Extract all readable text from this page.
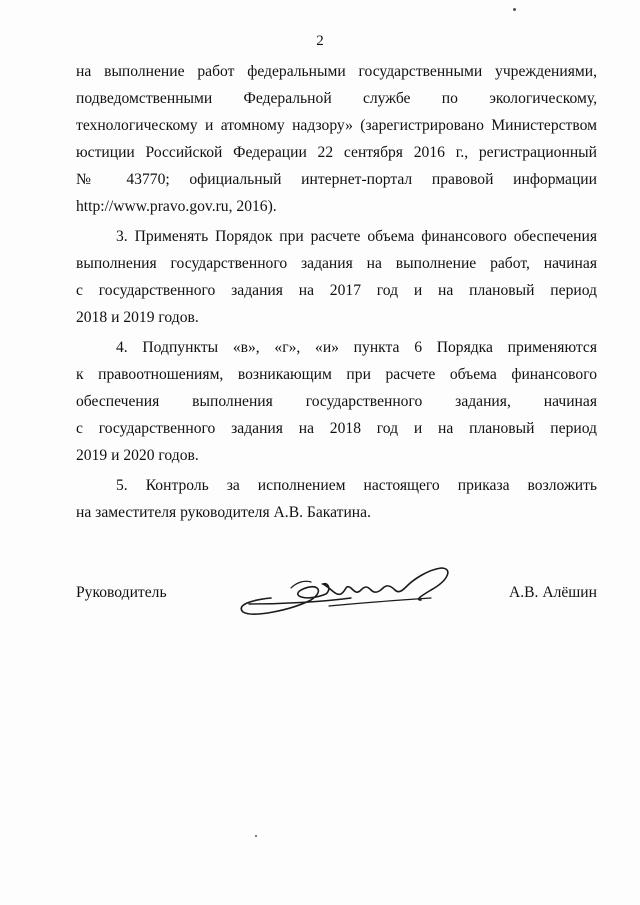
2

на выполнение работ федеральными государственными учреждениями,
подведомственными Федеральной службе по экологическому,
технологическому и атомному надзору» (зарегистрировано Министерством
юстиции Российской Федерации 22 сентября 2016 г., регистрационный
№ 43770; официальный интернет-портал правовой информации
http://www.pravo.gov.ru, 2016).

3. Применять Порядок при расчете объема финансового обеспечения
выполнения государственного задания на выполнение работ, начиная
с государственного задания на 2017 год и на плановый период
2018 и 2019 годов.

4. Подпункты «в», «г», «и» пункта 6 Порядка применяются
к правоотношениям, возникающим при расчете объема финансового
обеспечения выполнения государственного задания, начиная
с государственного задания на 2018 год и на плановый период
2019 и 2020 годов.

5. Контроль за исполнением настоящего приказа возложить
на заместителя руководителя А.В. Бакатина.

Руководитель	А.В. Алёшин
